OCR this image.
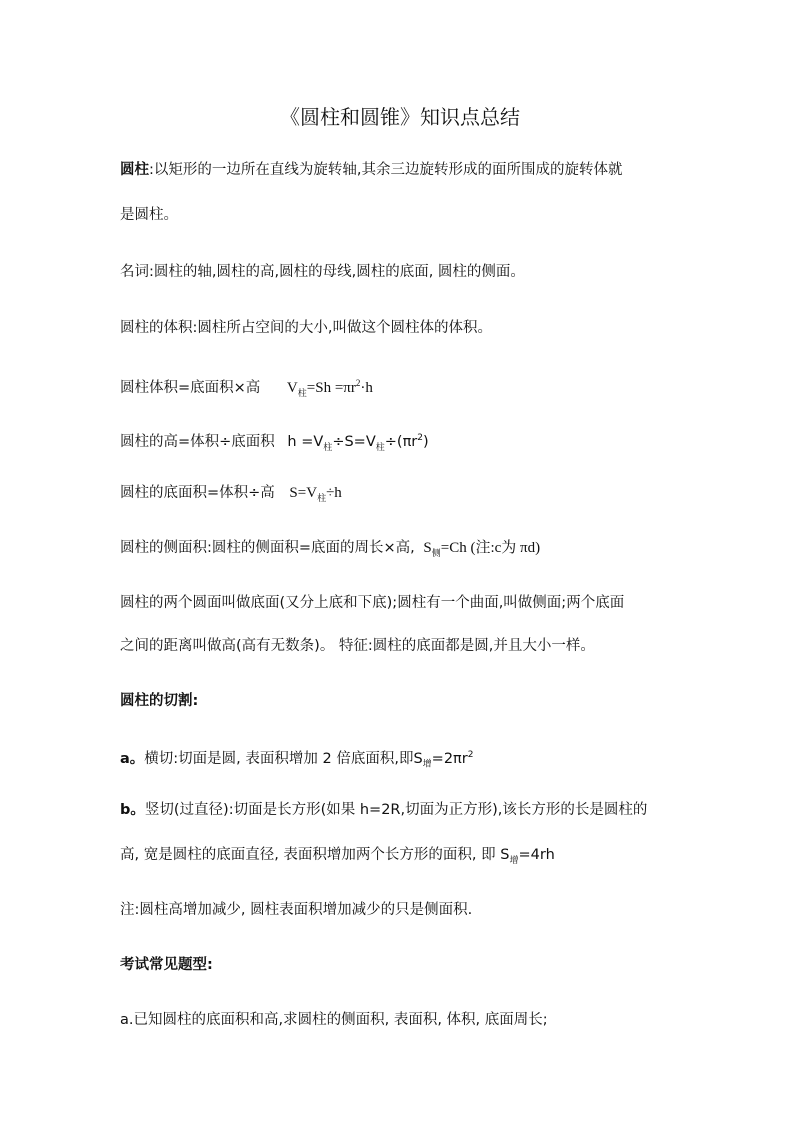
《圆柱和圆锥》知识点总结
圆柱:以矩形的一边所在直线为旋转轴,其余三边旋转形成的面所围成的旋转体就
是圆柱。
名词:圆柱的轴,圆柱的高,圆柱的母线,圆柱的底面, 圆柱的侧面。
圆柱的体积:圆柱所占空间的大小,叫做这个圆柱体的体积。
圆柱体积=底面积×高 $V_柱=Sh =\pi r^2\cdot h$
圆柱的高=体积÷底面积 $h =V_柱\div S=V_柱\div(\pi r^2)$
圆柱的底面积=体积÷高 $S=V_柱\div h$
圆柱的侧面积:圆柱的侧面积=底面的周长×高, $S_侧=Ch$ (注:c为 πd)
圆柱的两个圆面叫做底面(又分上底和下底);圆柱有一个曲面,叫做侧面;两个底面
之间的距离叫做高(高有无数条)。 特征:圆柱的底面都是圆,并且大小一样。
圆柱的切割:
a。横切:切面是圆, 表面积增加 2 倍底面积,即$S_增=2\pi r^2$
b。竖切(过直径):切面是长方形(如果 h=2R,切面为正方形),该长方形的长是圆柱的
高, 宽是圆柱的底面直径, 表面积增加两个长方形的面积, 即 $S_增=4rh$
注:圆柱高增加减少, 圆柱表面积增加减少的只是侧面积.
考试常见题型:
a.已知圆柱的底面积和高,求圆柱的侧面积, 表面积, 体积, 底面周长;
